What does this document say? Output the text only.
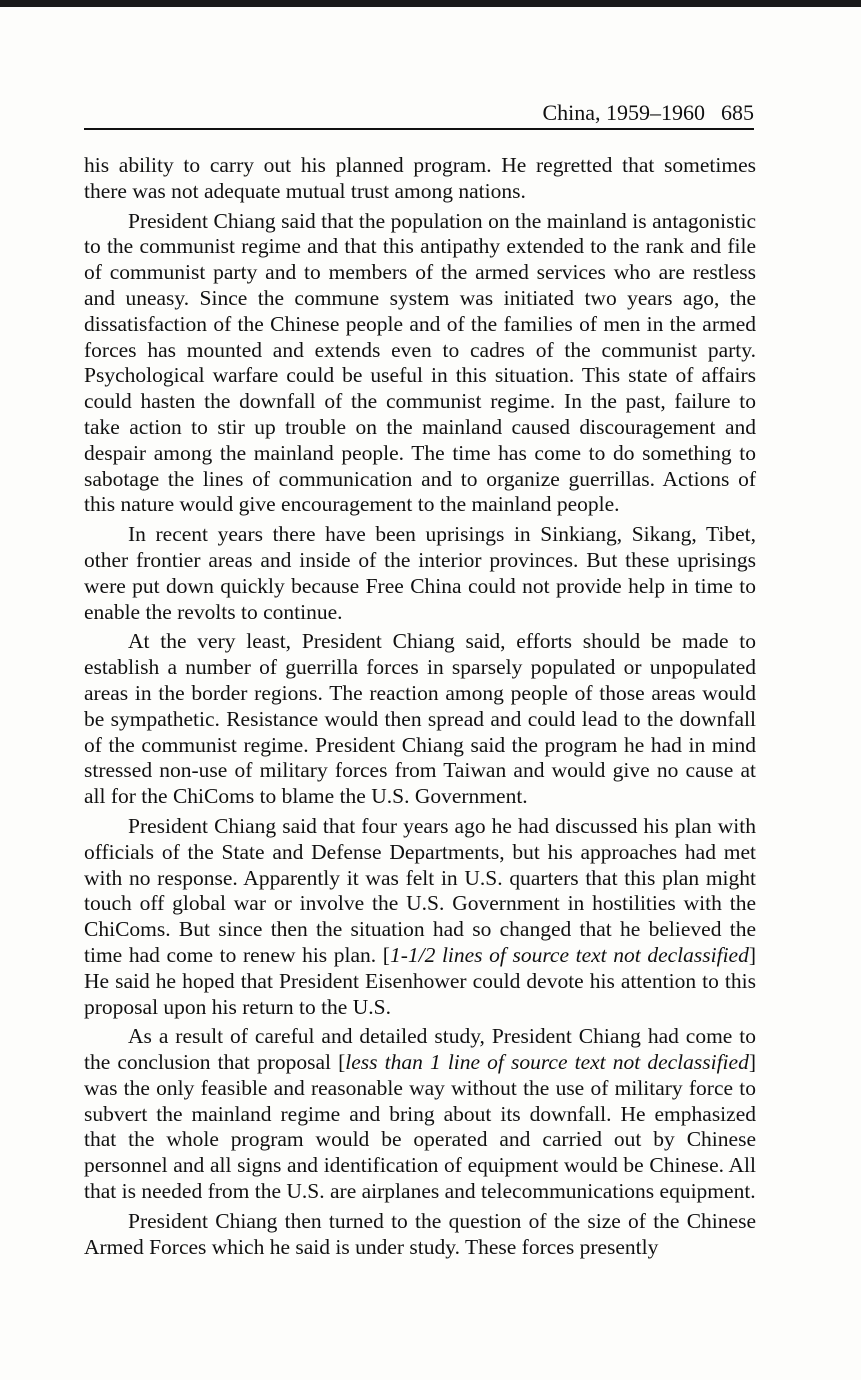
China, 1959–1960 685

his ability to carry out his planned program. He regretted that sometimes there was not adequate mutual trust among nations.

President Chiang said that the population on the mainland is antagonistic to the communist regime and that this antipathy extended to the rank and file of communist party and to members of the armed services who are restless and uneasy. Since the commune system was initiated two years ago, the dissatisfaction of the Chinese people and of the families of men in the armed forces has mounted and extends even to cadres of the communist party. Psychological warfare could be useful in this situation. This state of affairs could hasten the downfall of the communist regime. In the past, failure to take action to stir up trouble on the mainland caused discouragement and despair among the mainland people. The time has come to do something to sabotage the lines of communication and to organize guerrillas. Actions of this nature would give encouragement to the mainland people.

In recent years there have been uprisings in Sinkiang, Sikang, Tibet, other frontier areas and inside of the interior provinces. But these uprisings were put down quickly because Free China could not provide help in time to enable the revolts to continue.

At the very least, President Chiang said, efforts should be made to establish a number of guerrilla forces in sparsely populated or unpopulated areas in the border regions. The reaction among people of those areas would be sympathetic. Resistance would then spread and could lead to the downfall of the communist regime. President Chiang said the program he had in mind stressed non-use of military forces from Taiwan and would give no cause at all for the ChiComs to blame the U.S. Government.

President Chiang said that four years ago he had discussed his plan with officials of the State and Defense Departments, but his approaches had met with no response. Apparently it was felt in U.S. quarters that this plan might touch off global war or involve the U.S. Government in hostilities with the ChiComs. But since then the situation had so changed that he believed the time had come to renew his plan. [1-1/2 lines of source text not declassified] He said he hoped that President Eisenhower could devote his attention to this proposal upon his return to the U.S.

As a result of careful and detailed study, President Chiang had come to the conclusion that proposal [less than 1 line of source text not declassified] was the only feasible and reasonable way without the use of military force to subvert the mainland regime and bring about its downfall. He emphasized that the whole program would be operated and carried out by Chinese personnel and all signs and identification of equipment would be Chinese. All that is needed from the U.S. are airplanes and telecommunications equipment.

President Chiang then turned to the question of the size of the Chinese Armed Forces which he said is under study. These forces presently
